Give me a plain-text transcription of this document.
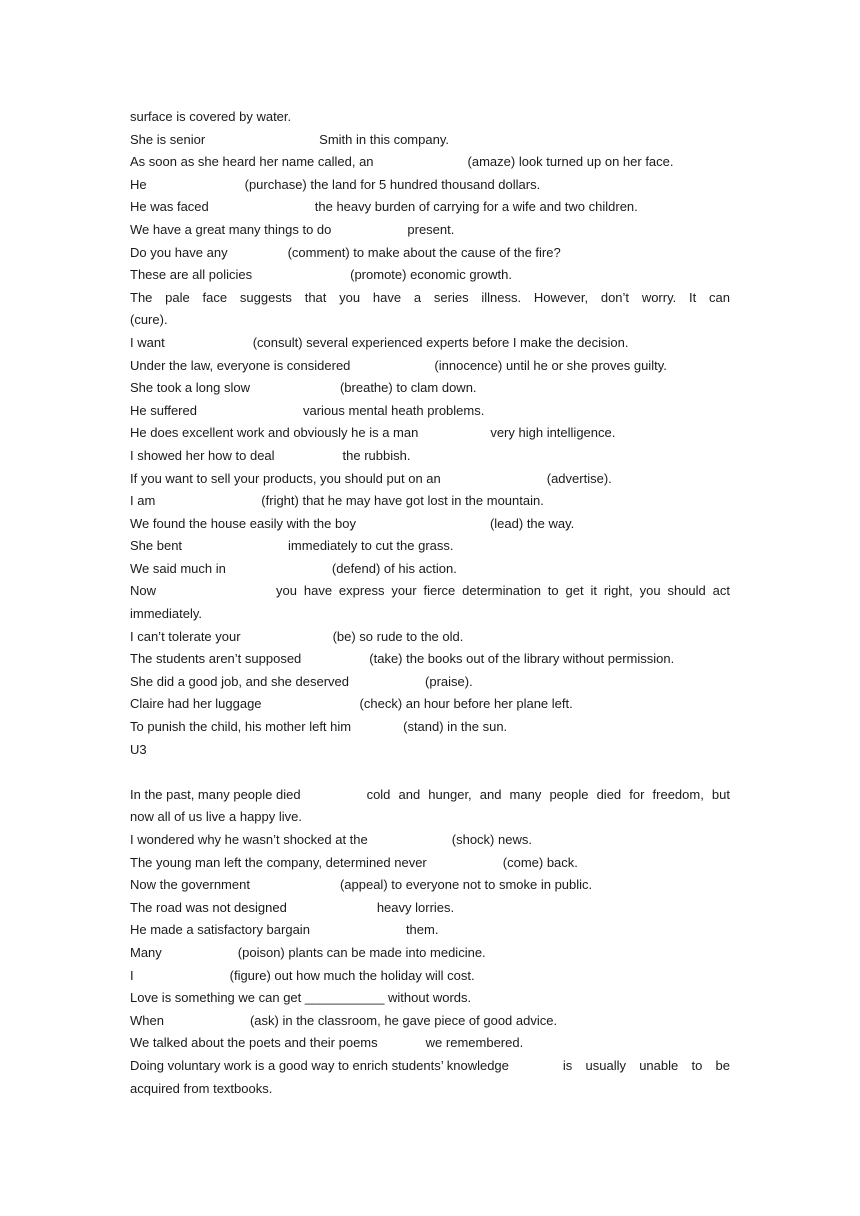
surface is covered by water.
She is senior	Smith in this company.
As soon as she heard her name called, an	(amaze) look turned up on her face.
He	(purchase) the land for 5 hundred thousand dollars.
He was faced	the heavy burden of carrying for a wife and two children.
We have a great many things to do	present.
Do you have any	(comment) to make about the cause of the fire?
These are all policies	(promote) economic growth.
The pale face suggests that you have a series illness. However, don’t worry. It can
(cure).
I want	(consult) several experienced experts before I make the decision.
Under the law, everyone is considered	(innocence) until he or she proves guilty.
She took a long slow	(breathe) to clam down.
He suffered	various mental heath problems.
He does excellent work and obviously he is a man	very high intelligence.
I showed her how to deal	the rubbish.
If you want to sell your products, you should put on an	(advertise).
I am	(fright) that he may have got lost in the mountain.
We found the house easily with the boy	(lead) the way.
She bent	immediately to cut the grass.
We said much in	(defend) of his action.
Now	you have express your fierce determination to get it right, you should act
immediately.
I can’t tolerate your	(be) so rude to the old.
The students aren’t supposed	(take) the books out of the library without permission.
She did a good job, and she deserved	(praise).
Claire had her luggage	(check) an hour before her plane left.
To punish the child, his mother left him	(stand) in the sun.
U3
In the past, many people died	cold and hunger, and many people died for freedom, but
now all of us live a happy live.
I wondered why he wasn’t shocked at the	(shock) news.
The young man left the company, determined never	(come) back.
Now the government	(appeal) to everyone not to smoke in public.
The road was not designed	heavy lorries.
He made a satisfactory bargain	them.
Many	(poison) plants can be made into medicine.
I	(figure) out how much the holiday will cost.
Love is something we can get ___________ without words.
When	(ask) in the classroom, he gave piece of good advice.
We talked about the poets and their poems	we remembered.
Doing voluntary work is a good way to enrich students’ knowledge	is usually unable to be
acquired from textbooks.
